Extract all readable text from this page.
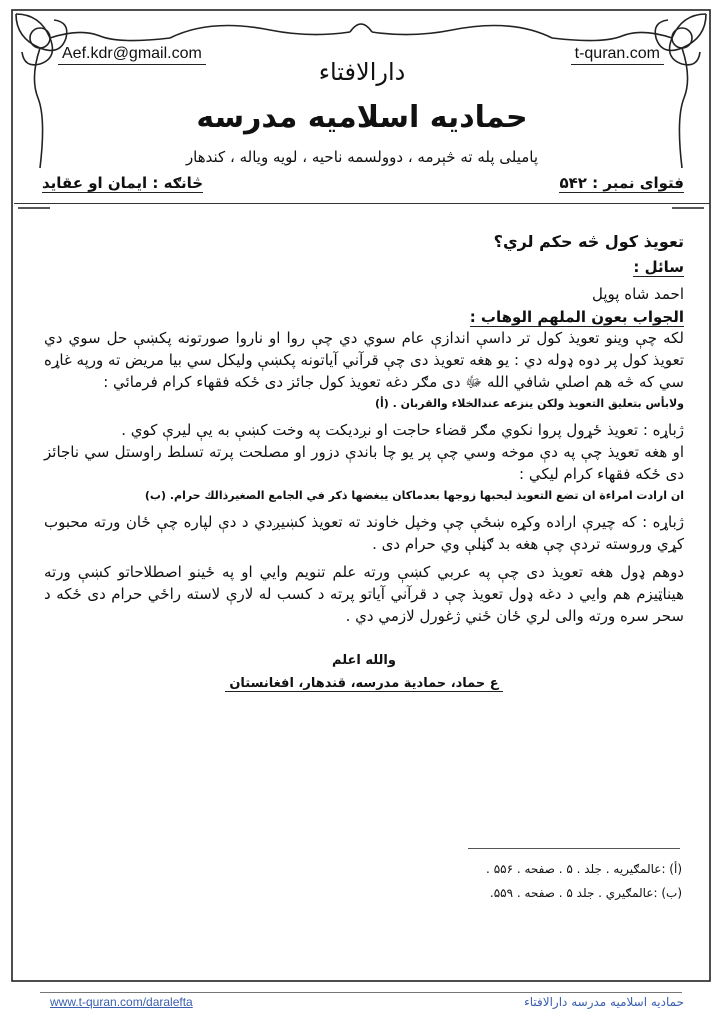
Aef.kdr@gmail.com	t-quran.com
دارالافتاء
حمادیه اسلامیه مدرسه
پامیلی پله ته څېرمه ، دوولسمه ناحیه ، لویه ویاله ، کندهار
فتوای نمبر : ۵۴۲
څانګه : ایمان او عقاید
تعویذ کول څه حکم لري؟
سائل :
احمد شاه پوپل
الجواب بعون الملهم الوهاب :

لکه چې وینو تعویذ کول تر داسې اندازې عام سوي دي چې روا او ناروا صورتونه پکښې حل سوي دي تعویذ کول پر دوه ډوله دي : یو هغه تعویذ دی چې قرآني آیاتونه پکښې ولیکل سي بیا مریض ته ورپه غاړه سي که څه هم اصلي شافي الله ﷻ دی مګر دغه تعویذ کول جائز دی ځکه فقهاء کرام فرمائي :

ولابأس بتعليق التعويذ ولكن ينزعه عندالخلاء والقربان . (أ)

ژباړه : تعویذ ځړول پروا نکوي مګر قضاء حاجت او نږدیکت په وخت کښې به یې لیرې کوي .

او هغه تعویذ چې په دې موخه وسي چې پر یو چا باندې دزور او مصلحت پرته تسلط راوستل سي ناجائز دی ځکه فقهاء کرام لیکي :

ان ارادت امراءة ان تضع التعويذ ليحبها زوجها بعدماكان يبغضها ذكر في الجامع الصغيرذالك حرام. (ب)

ژباړه : که چیرې اراده وکړه ښځې چې وخپل خاوند ته تعویذ کښیږدي د دې لپاره چې ځان ورته محبوب کړي وروسته تردې چې هغه بد ګڼلې وي حرام دی .

دوهم ډول هغه تعویذ دی چې په عربي کښې ورته علم تنویم وایي او په ځینو اصطلاحاتو کښې ورته هیناټیزم هم وایي د دغه ډول تعویذ چې د قرآني آیاتو پرته د کسب له لارې لاسته راځي حرام دی ځکه د سحر سره ورته والی لري ځان ځني ژغورل لازمي دي .

والله اعلم
ع حماد، حمادیة مدرسه، قندهار، افغانستان
(أ) :عالمګیریه . جلد . ۵ . صفحه . ۵۵۶ .
(ب) :عالمګیري . جلد ۵ . صفحه . ۵۵۹.
www.t-quran.com/daralefta	حمادیه اسلامیه مدرسه دارالافتاء
